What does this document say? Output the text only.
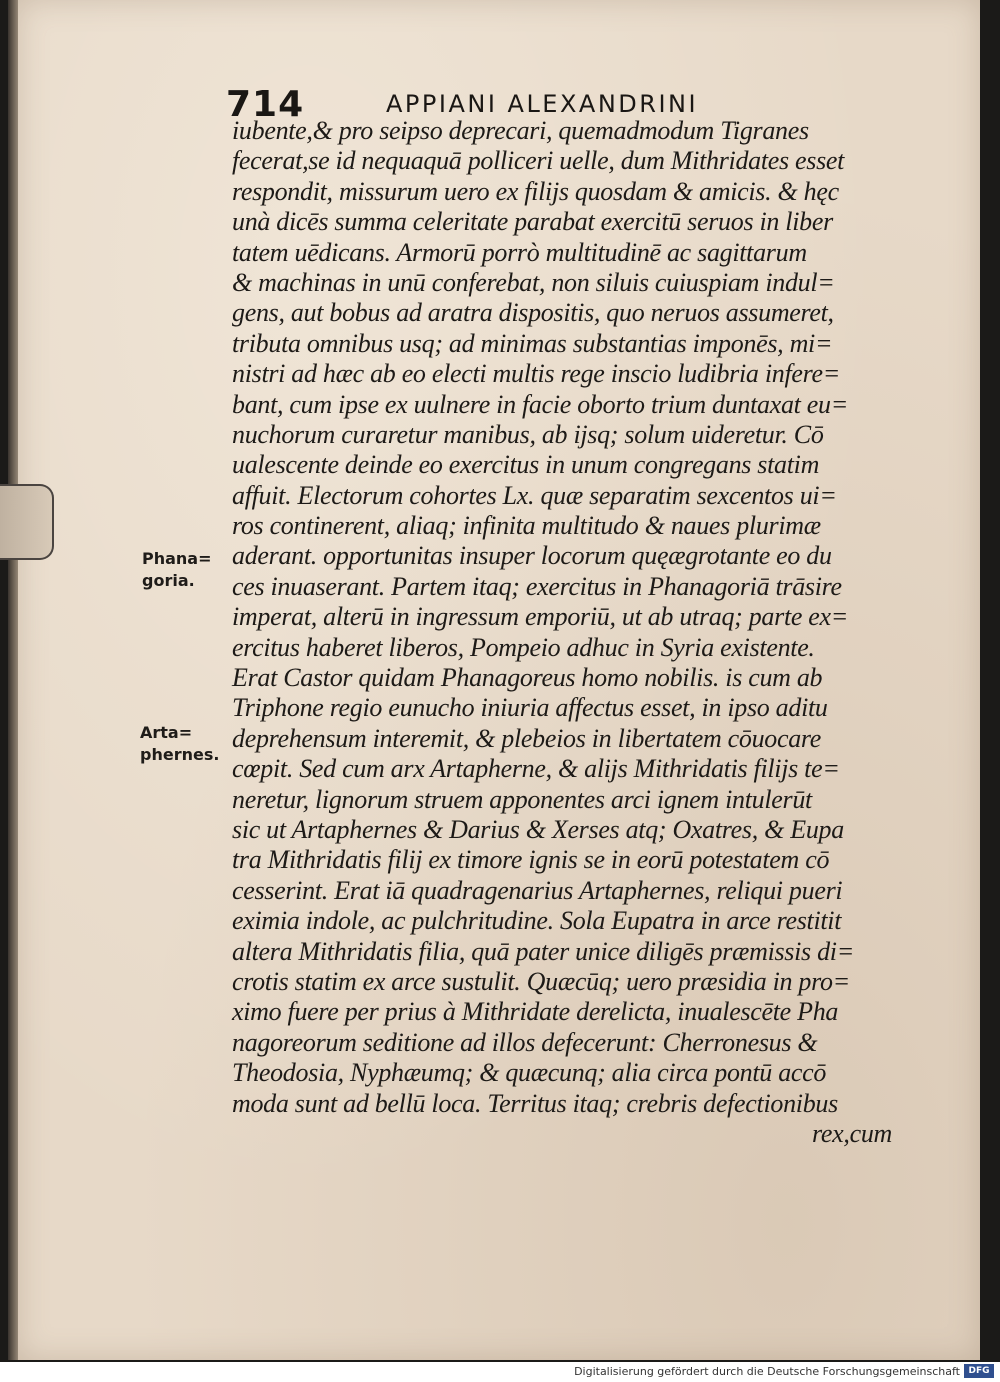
714	APPIANI ALEXANDRINI
Phana=
goria.
Arta=
phernes.
iubente,& pro seipso deprecari, quemadmodum Tigranes
fecerat,se id nequaquā polliceri uelle, dum Mithridates esset
respondit, missurum uero ex filijs quosdam & amicis. & hęc
unà dicēs summa celeritate parabat exercitū seruos in liber
tatem uēdicans. Armorū porrò multitudinē ac sagittarum
& machinas in unū conferebat, non siluis cuiuspiam indul=
gens, aut bobus ad aratra dispositis, quo neruos assumeret,
tributa omnibus usq; ad minimas substantias imponēs, mi=
nistri ad hæc ab eo electi multis rege inscio ludibria infere=
bant, cum ipse ex uulnere in facie oborto trium duntaxat eu=
nuchorum curaretur manibus, ab ijsq; solum uideretur. Cō
ualescente deinde eo exercitus in unum congregans statim
affuit. Electorum cohortes Lx. quæ separatim sexcentos ui=
ros continerent, aliaq; infinita multitudo & naues plurimæ
aderant. opportunitas insuper locorum quęægrotante eo du
ces inuaserant. Partem itaq; exercitus in Phanagoriā trāsire
imperat, alterū in ingressum emporiū, ut ab utraq; parte ex=
ercitus haberet liberos, Pompeio adhuc in Syria existente.
Erat Castor quidam Phanagoreus homo nobilis. is cum ab
Triphone regio eunucho iniuria affectus esset, in ipso aditu
deprehensum interemit, & plebeios in libertatem cōuocare
cœpit. Sed cum arx Artapherne, & alijs Mithridatis filijs te=
neretur, lignorum struem apponentes arci ignem intulerūt
sic ut Artaphernes & Darius & Xerses atq; Oxatres, & Eupa
tra Mithridatis filij ex timore ignis se in eorū potestatem cō
cesserint. Erat iā quadragenarius Artaphernes, reliqui pueri
eximia indole, ac pulchritudine. Sola Eupatra in arce restitit
altera Mithridatis filia, quā pater unice diligēs præmissis di=
crotis statim ex arce sustulit. Quæcūq; uero præsidia in pro=
ximo fuere per prius à Mithridate derelicta, inualescēte Pha
nagoreorum seditione ad illos defecerunt: Cherronesus &
Theodosia, Nyphæumq; & quæcunq; alia circa pontū accō
moda sunt ad bellū loca. Territus itaq; crebris defectionibus
rex,cum
Digitalisierung gefördert durch die Deutsche Forschungsgemeinschaft DFG
